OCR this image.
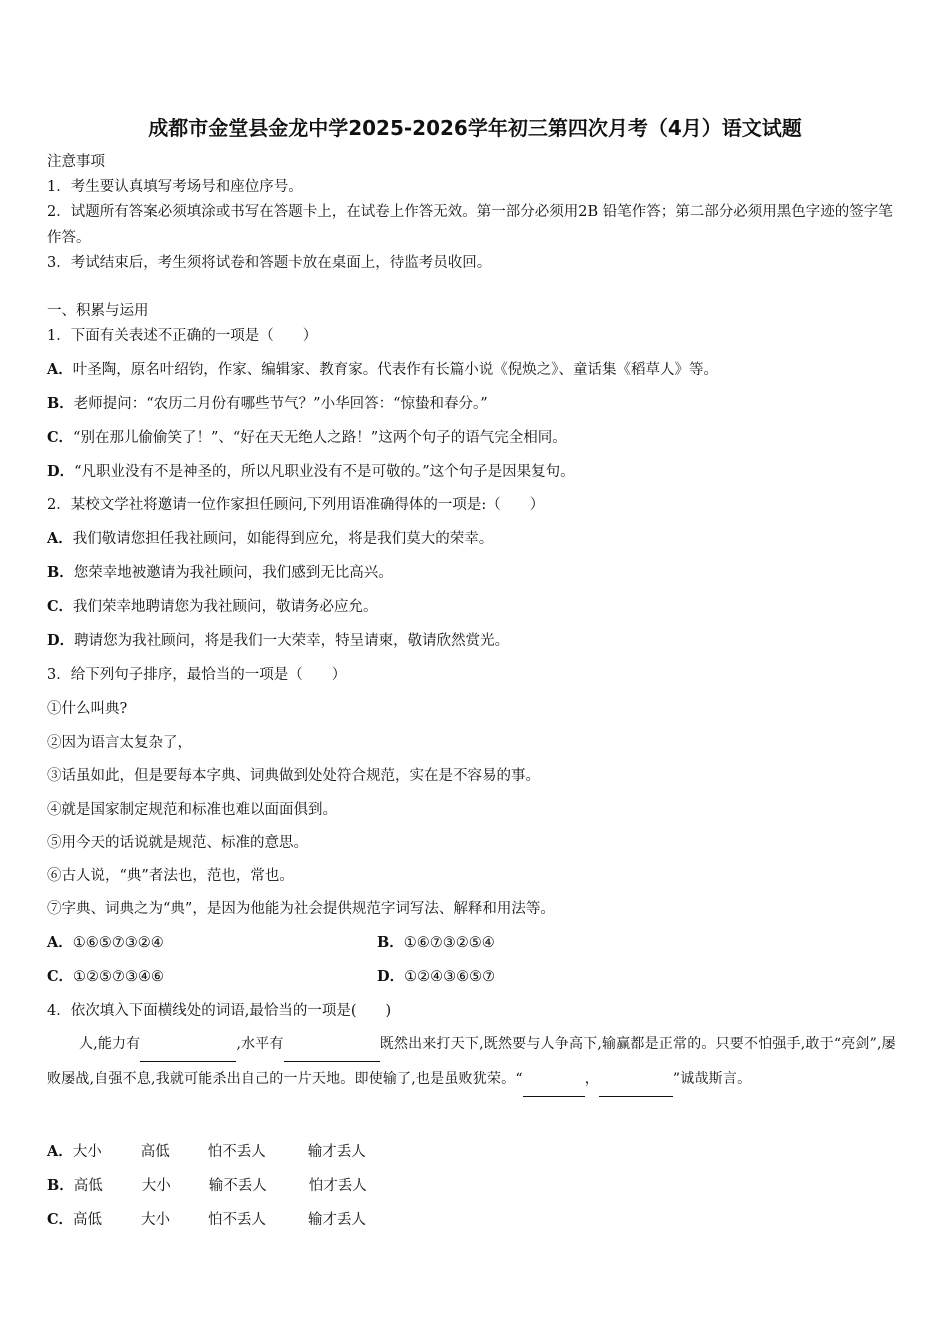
成都市金堂县金龙中学2025-2026学年初三第四次月考（4月）语文试题
注意事项
1．考生要认真填写考场号和座位序号。
2．试题所有答案必须填涂或书写在答题卡上，在试卷上作答无效。第一部分必须用2B 铅笔作答；第二部分必须用黑色字迹的签字笔作答。
3．考试结束后，考生须将试卷和答题卡放在桌面上，待监考员收回。
一、积累与运用
1．下面有关表述不正确的一项是（　　）
A．叶圣陶，原名叶绍钧，作家、编辑家、教育家。代表作有长篇小说《倪焕之》、童话集《稻草人》等。
B．老师提问：“农历二月份有哪些节气？”小华回答：“惊蛰和春分。”
C．“别在那儿偷偷笑了！”、“好在天无绝人之路！”这两个句子的语气完全相同。
D．“凡职业没有不是神圣的，所以凡职业没有不是可敬的。”这个句子是因果复句。
2．某校文学社将邀请一位作家担任顾问,下列用语准确得体的一项是:（　　）
A．我们敬请您担任我社顾问，如能得到应允，将是我们莫大的荣幸。
B．您荣幸地被邀请为我社顾问，我们感到无比高兴。
C．我们荣幸地聘请您为我社顾问，敬请务必应允。
D．聘请您为我社顾问，将是我们一大荣幸，特呈请柬，敬请欣然赏光。
3．给下列句子排序，最恰当的一项是（　　）
①什么叫典?
②因为语言太复杂了，
③话虽如此，但是要每本字典、词典做到处处符合规范，实在是不容易的事。
④就是国家制定规范和标准也难以面面俱到。
⑤用今天的话说就是规范、标准的意思。
⑥古人说，“典”者法也，范也，常也。
⑦字典、词典之为“典”，是因为他能为社会提供规范字词写法、解释和用法等。
A．①⑥⑤⑦③②④	B．①⑥⑦③②⑤④
C．①②⑤⑦③④⑥	D．①②④③⑥⑤⑦
4．依次填入下面横线处的词语,最恰当的一项是(　　)
人,能力有	,水平有	既然出来打天下,既然要与人争高下,输赢都是正常的。只要不怕强手,敢于“亮剑”,屡败屡战,自强不息,我就可能杀出自己的一片天地。即使输了,也是虽败犹荣。“	，	”诚哉斯言。
A．大小	高低	怕不丢人	输才丢人
B．高低	大小	输不丢人	怕才丢人
C．高低	大小	怕不丢人	输才丢人
